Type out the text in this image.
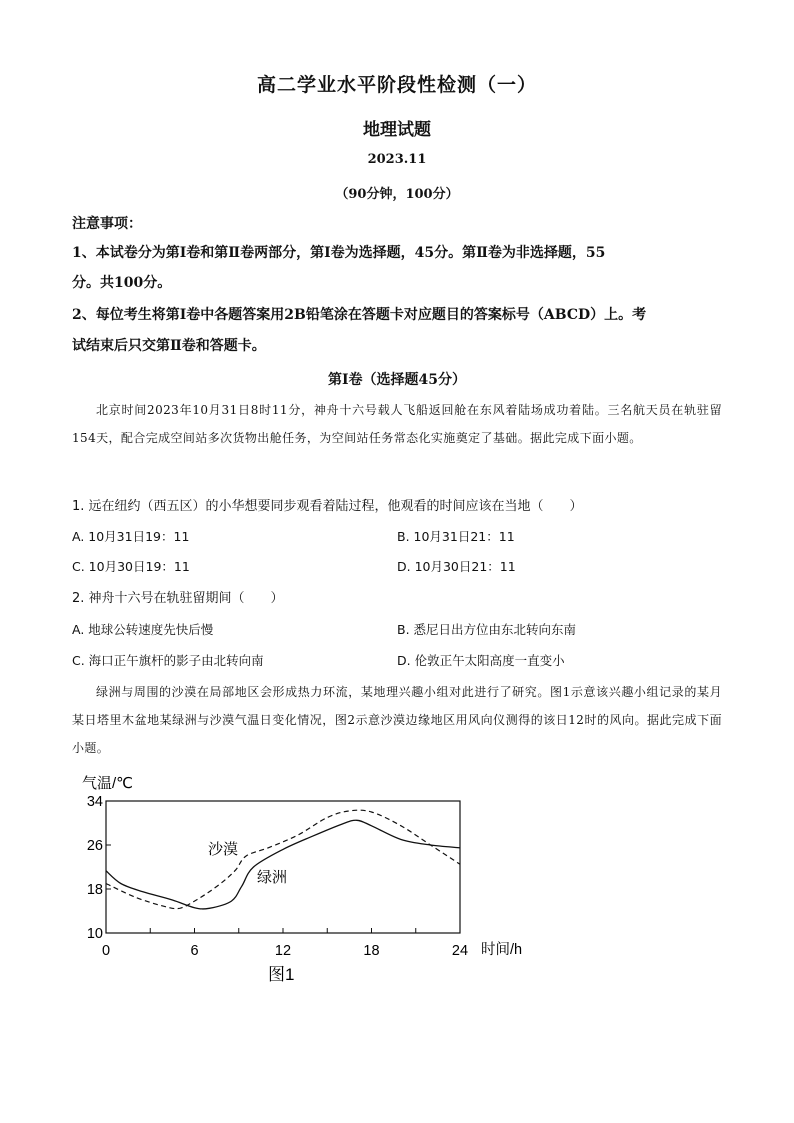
高二学业水平阶段性检测（一）
地理试题
2023.11
（90分钟，100分）
注意事项：
1、本试卷分为第Ⅰ卷和第Ⅱ卷两部分，第Ⅰ卷为选择题，45分。第Ⅱ卷为非选择题，55
分。共100分。
2、每位考生将第Ⅰ卷中各题答案用2B铅笔涂在答题卡对应题目的答案标号（ABCD）上。考
试结束后只交第Ⅱ卷和答题卡。
第Ⅰ卷（选择题45分）
北京时间2023年10月31日8时11分，神舟十六号载人飞船返回舱在东风着陆场成功着陆。三名航天员在轨驻留154天，配合完成空间站多次货物出舱任务，为空间站任务常态化实施奠定了基础。据此完成下面小题。
1. 远在纽约（西五区）的小华想要同步观看着陆过程，他观看的时间应该在当地（　　）
A. 10月31日19：11	B. 10月31日21：11
C. 10月30日19：11	D. 10月30日21：11
2. 神舟十六号在轨驻留期间（　　）
A. 地球公转速度先快后慢	B. 悉尼日出方位由东北转向东南
C. 海口正午旗杆的影子由北转向南	D. 伦敦正午太阳高度一直变小
绿洲与周围的沙漠在局部地区会形成热力环流，某地理兴趣小组对此进行了研究。图1示意该兴趣小组记录的某月某日塔里木盆地某绿洲与沙漠气温日变化情况，图2示意沙漠边缘地区用风向仪测得的该日12时的风向。据此完成下面小题。
气温/℃
10
18
26
34
0	6	12	18	24 时间/h
沙漠
绿洲
图1
